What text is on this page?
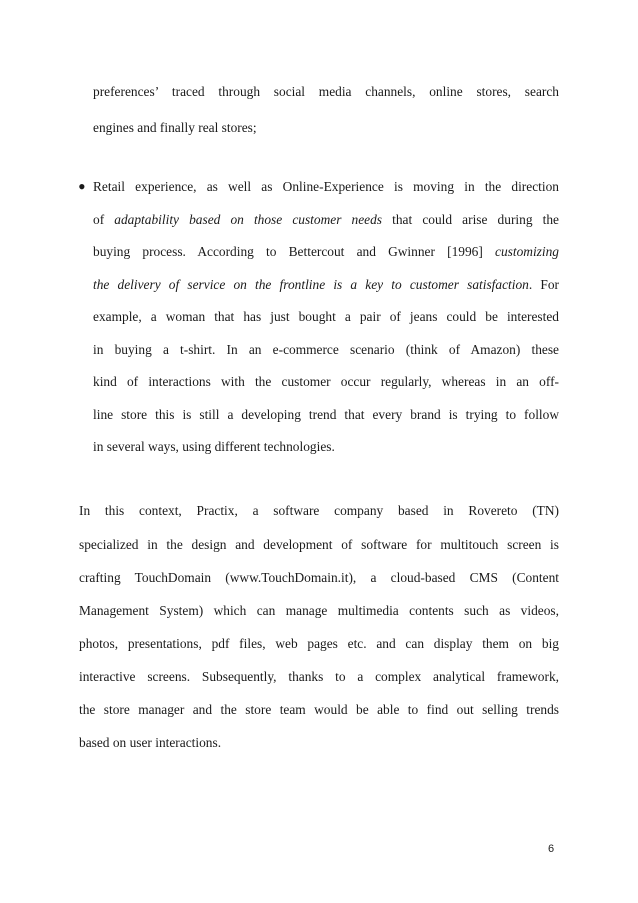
preferences’ traced through social media channels, online stores, search

engines and finally real stores;

• Retail experience, as well as Online-Experience is moving in the direction

of adaptability based on those customer needs that could arise during the

buying process. According to Bettercout and Gwinner [1996] customizing

the delivery of service on the frontline is a key to customer satisfaction. For

example, a woman that has just bought a pair of jeans could be interested

in buying a t-shirt. In an e-commerce scenario (think of Amazon) these

kind of interactions with the customer occur regularly, whereas in an off-

line store this is still a developing trend that every brand is trying to follow

in several ways, using different technologies.

In this context, Practix, a software company based in Rovereto (TN)

specialized in the design and development of software for multitouch screen is

crafting TouchDomain (www.TouchDomain.it), a cloud-based CMS (Content

Management System) which can manage multimedia contents such as videos,

photos, presentations, pdf files, web pages etc. and can display them on big

interactive screens. Subsequently, thanks to a complex analytical framework,

the store manager and the store team would be able to find out selling trends

based on user interactions.

6
